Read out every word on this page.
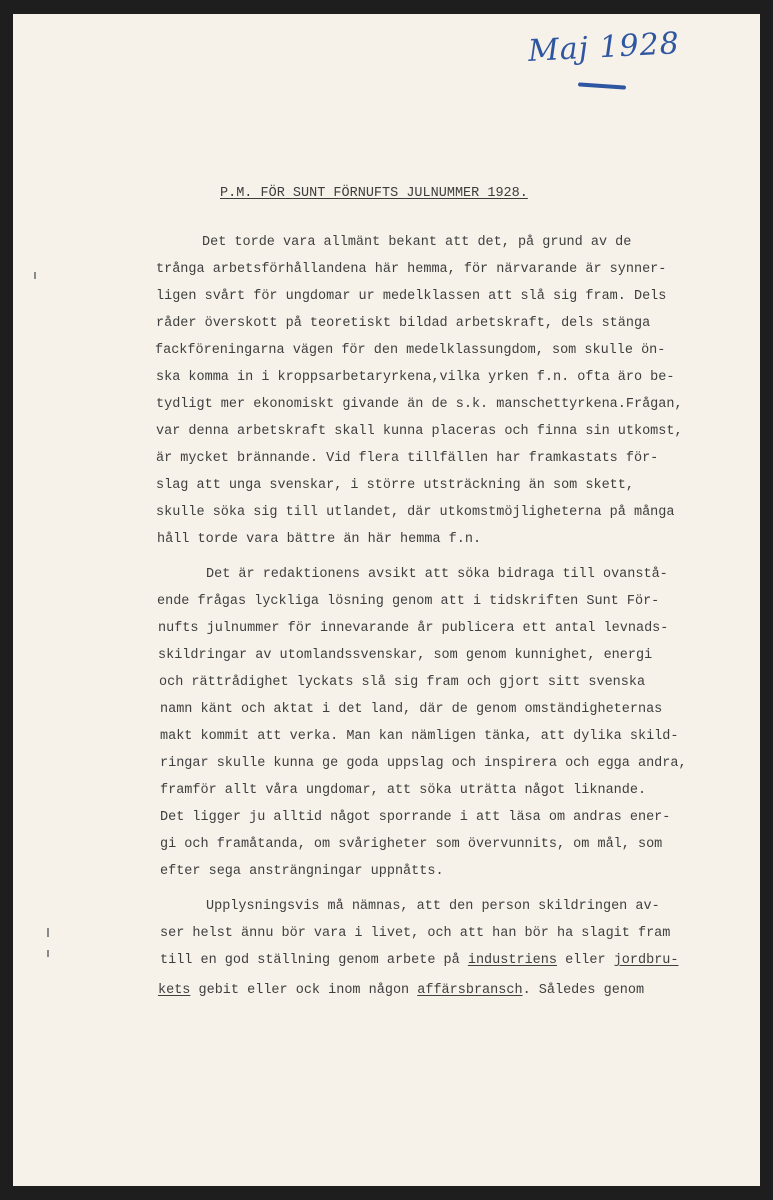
Maj 1928
P.M. FÖR SUNT FÖRNUFTS JULNUMMER 1928.
Det torde vara allmänt bekant att det, på grund av de
trånga arbetsförhållandena här hemma, för närvarande är synner-
ligen svårt för ungdomar ur medelklassen att slå sig fram. Dels
råder överskott på teoretiskt bildad arbetskraft, dels stänga
fackföreningarna vägen för den medelklassungdom, som skulle ön-
ska komma in i kroppsarbetaryrkena,vilka yrken f.n. ofta äro be-
tydligt mer ekonomiskt givande än de s.k. manschettyrkena.Frågan,
var denna arbetskraft skall kunna placeras och finna sin utkomst,
är mycket brännande. Vid flera tillfällen har framkastats för-
slag att unga svenskar, i större utsträckning än som skett,
skulle söka sig till utlandet, där utkomstmöjligheterna på många
håll torde vara bättre än här hemma f.n.
Det är redaktionens avsikt att söka bidraga till ovanstå-
ende frågas lyckliga lösning genom att i tidskriften Sunt För-
nufts julnummer för innevarande år publicera ett antal levnads-
skildringar av utomlandssvenskar, som genom kunnighet, energi
och rättrådighet lyckats slå sig fram och gjort sitt svenska
namn känt och aktat i det land, där de genom omständigheternas
makt kommit att verka. Man kan nämligen tänka, att dylika skild-
ringar skulle kunna ge goda uppslag och inspirera och egga andra,
framför allt våra ungdomar, att söka uträtta något liknande.
Det ligger ju alltid något sporrande i att läsa om andras ener-
gi och framåtanda, om svårigheter som övervunnits, om mål, som
efter sega ansträngningar uppnåtts.
Upplysningsvis må nämnas, att den person skildringen av-
ser helst ännu bör vara i livet, och att han bör ha slagit fram
till en god ställning genom arbete på industriens eller jordbru-
kets gebit eller ock inom någon affärsbransch. Således genom
